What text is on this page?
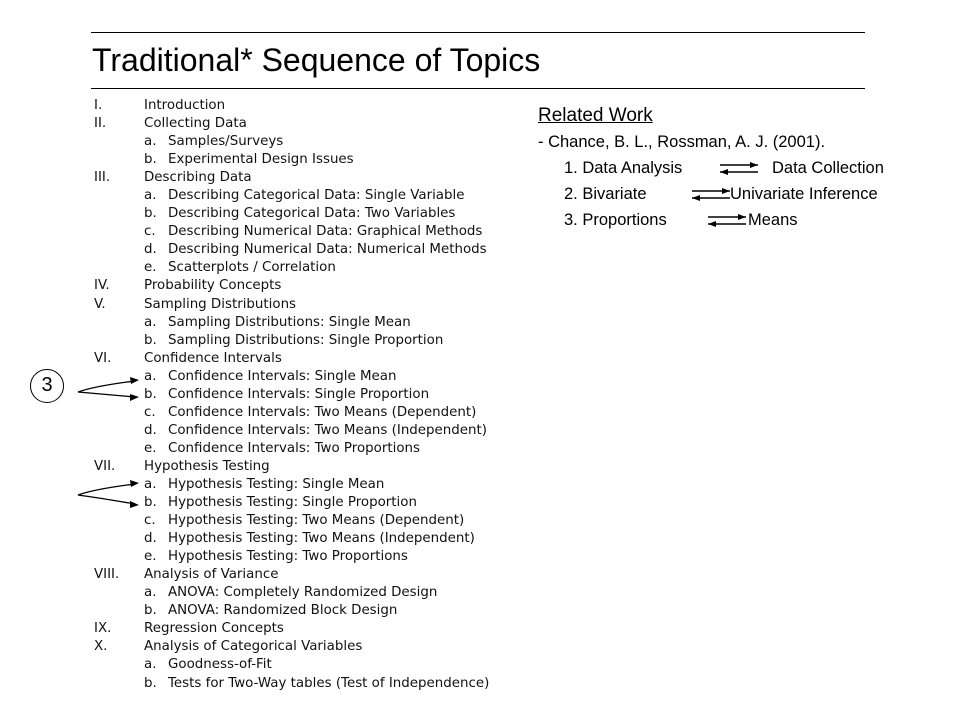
Traditional* Sequence of Topics
I.	Introduction
II.	Collecting Data
a. Samples/Surveys
b. Experimental Design Issues
III.	Describing Data
a. Describing Categorical Data: Single Variable
b. Describing Categorical Data: Two Variables
c. Describing Numerical Data: Graphical Methods
d. Describing Numerical Data: Numerical Methods
e. Scatterplots / Correlation
IV.	Probability Concepts
V.	Sampling Distributions
a. Sampling Distributions: Single Mean
b. Sampling Distributions: Single Proportion
VI. Confidence Intervals
a. Confidence Intervals: Single Mean
b. Confidence Intervals: Single Proportion
c. Confidence Intervals: Two Means (Dependent)
d. Confidence Intervals: Two Means (Independent)
e. Confidence Intervals: Two Proportions
VII. Hypothesis Testing
a. Hypothesis Testing: Single Mean
b. Hypothesis Testing: Single Proportion
c. Hypothesis Testing: Two Means (Dependent)
d. Hypothesis Testing: Two Means (Independent)
e. Hypothesis Testing: Two Proportions
VIII. Analysis of Variance
a. ANOVA: Completely Randomized Design
b. ANOVA: Randomized Block Design
IX. Regression Concepts
X.	Analysis of Categorical Variables
a. Goodness-of-Fit
b. Tests for Two-Way tables (Test of Independence)
Related Work
- Chance, B. L., Rossman, A. J. (2001).
1. Data Analysis	Data Collection
2. Bivariate	Univariate Inference
3. Proportions	Means
3
